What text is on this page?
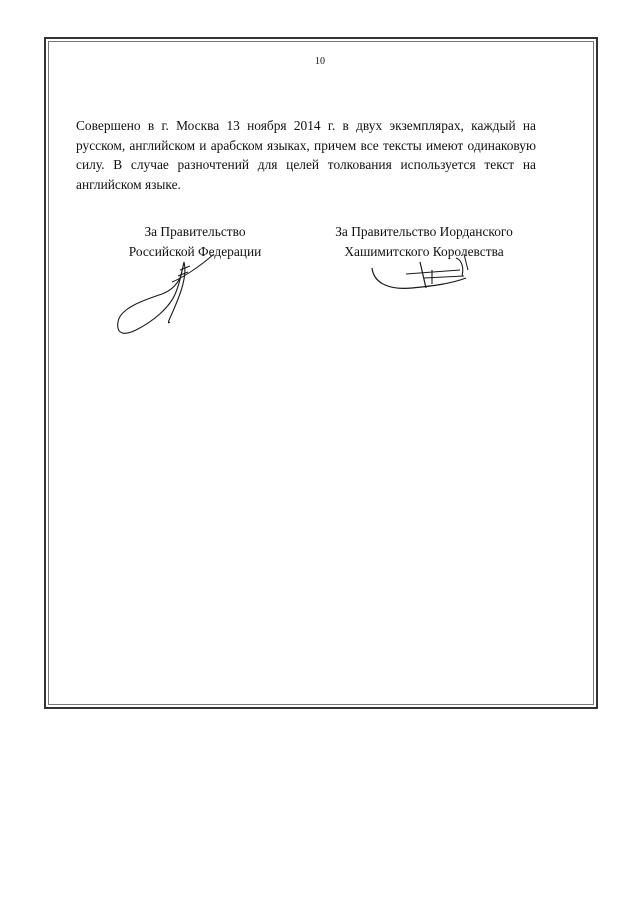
10
Совершено в г. Москва 13 ноября 2014 г. в двух экземплярах, каждый на русском, английском и арабском языках, причем все тексты имеют одинаковую силу. В случае разночтений для целей толкования используется текст на английском языке.
За Правительство
Российской Федерации
За Правительство Иорданского
Хашимитского Королевства
